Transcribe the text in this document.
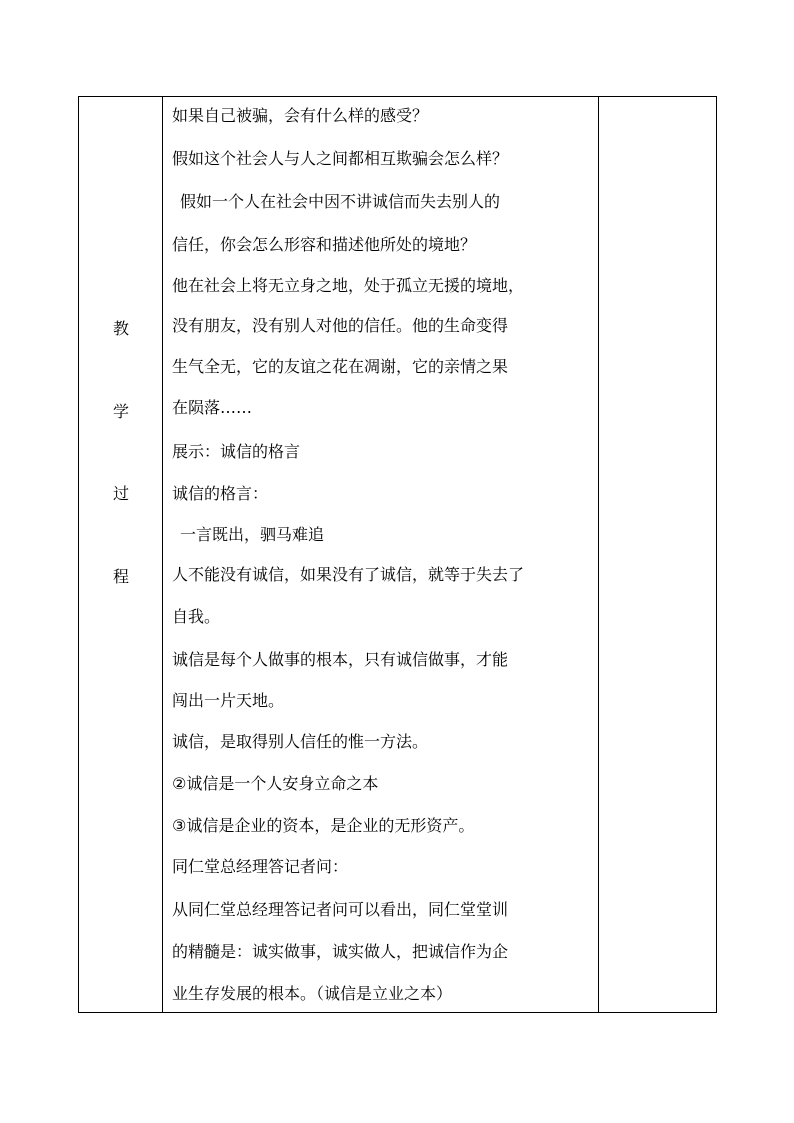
教
学
过
程
如果自己被骗，会有什么样的感受？
假如这个社会人与人之间都相互欺骗会怎么样？
假如一个人在社会中因不讲诚信而失去别人的
信任，你会怎么形容和描述他所处的境地？
他在社会上将无立身之地，处于孤立无援的境地，
没有朋友，没有别人对他的信任。他的生命变得
生气全无，它的友谊之花在凋谢，它的亲情之果
在陨落……
展示：诚信的格言
诚信的格言：
一言既出，驷马难追
人不能没有诚信，如果没有了诚信，就等于失去了
自我。
诚信是每个人做事的根本，只有诚信做事，才能
闯出一片天地。
诚信，是取得别人信任的惟一方法。
②诚信是一个人安身立命之本
③诚信是企业的资本，是企业的无形资产。
同仁堂总经理答记者问：
从同仁堂总经理答记者问可以看出，同仁堂堂训
的精髓是：诚实做事，诚实做人，把诚信作为企
业生存发展的根本。（诚信是立业之本）
